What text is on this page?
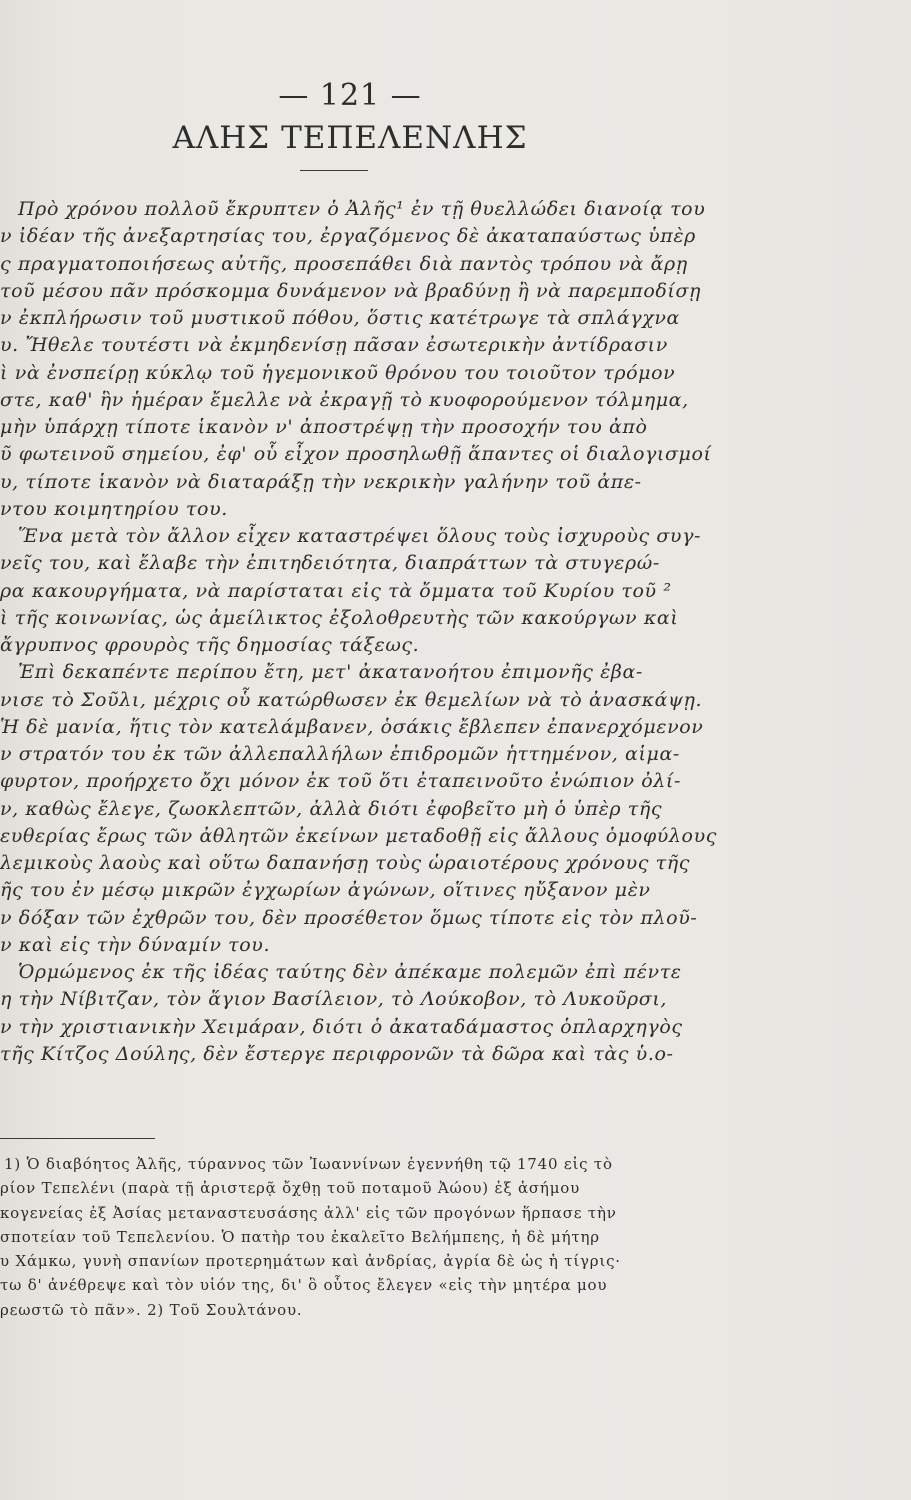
— 121 —
ΑΛΗΣ ΤΕΠΕΛΕΝΛΗΣ
Πρὸ χρόνου πολλοῦ ἔκρυπτεν ὁ Ἀλῆς¹ ἐν τῇ θυελλώδει διανοίᾳ του
ν ἰδέαν τῆς ἀνεξαρτησίας του, ἐργαζόμενος δὲ ἀκαταπαύστως ὑπὲρ
ς πραγματοποιήσεως αὐτῆς, προσεπάθει διὰ παντὸς τρόπου νὰ ἄρῃ
τοῦ μέσου πᾶν πρόσκομμα δυνάμενον νὰ βραδύνῃ ἢ νὰ παρεμποδίσῃ
ν ἐκπλήρωσιν τοῦ μυστικοῦ πόθου, ὅστις κατέτρωγε τὰ σπλάγχνα
υ. Ἤθελε τουτέστι νὰ ἐκμηδενίσῃ πᾶσαν ἐσωτερικὴν ἀντίδρασιν
ὶ νὰ ἐνσπείρῃ κύκλῳ τοῦ ἡγεμονικοῦ θρόνου του τοιοῦτον τρόμον
στε, καθ' ἣν ἡμέραν ἔμελλε νὰ ἐκραγῇ τὸ κυοφορούμενον τόλμημα,
μὴν ὑπάρχῃ τίποτε ἱκανὸν ν' ἀποστρέψῃ τὴν προσοχήν του ἀπὸ
ῦ φωτεινοῦ σημείου, ἐφ' οὗ εἶχον προσηλωθῇ ἅπαντες οἱ διαλογισμοί
υ, τίποτε ἱκανὸν νὰ διαταράξῃ τὴν νεκρικὴν γαλήνην τοῦ ἀπε-
ντου κοιμητηρίου του.
Ἕνα μετὰ τὸν ἄλλον εἶχεν καταστρέψει ὅλους τοὺς ἰσχυροὺς συγ-
νεῖς του, καὶ ἔλαβε τὴν ἐπιτηδειότητα, διαπράττων τὰ στυγερώ-
ρα κακουργήματα, νὰ παρίσταται εἰς τὰ ὄμματα τοῦ Κυρίου τοῦ ²
ὶ τῆς κοινωνίας, ὡς ἀμείλικτος ἐξολοθρευτὴς τῶν κακούργων καὶ
ἄγρυπνος φρουρὸς τῆς δημοσίας τάξεως.
Ἐπὶ δεκαπέντε περίπου ἔτη, μετ' ἀκατανοήτου ἐπιμονῆς ἐβα-
νισε τὸ Σοῦλι, μέχρις οὗ κατώρθωσεν ἐκ θεμελίων νὰ τὸ ἀνασκάψῃ.
Ἡ δὲ μανία, ἥτις τὸν κατελάμβανεν, ὁσάκις ἔβλεπεν ἐπανερχόμενον
ν στρατόν του ἐκ τῶν ἀλλεπαλλήλων ἐπιδρομῶν ἡττημένον, αἱμα-
φυρτον, προήρχετο ὄχι μόνον ἐκ τοῦ ὅτι ἐταπεινοῦτο ἐνώπιον ὀλί-
ν, καθὼς ἔλεγε, ζωοκλεπτῶν, ἀλλὰ διότι ἐφοβεῖτο μὴ ὁ ὑπὲρ τῆς
ευθερίας ἔρως τῶν ἀθλητῶν ἐκείνων μεταδοθῇ εἰς ἄλλους ὁμοφύλους
λεμικοὺς λαοὺς καὶ οὕτω δαπανήσῃ τοὺς ὡραιοτέρους χρόνους τῆς
ῆς του ἐν μέσῳ μικρῶν ἐγχωρίων ἀγώνων, οἵτινες ηὔξανον μὲν
ν δόξαν τῶν ἐχθρῶν του, δὲν προσέθετον ὅμως τίποτε εἰς τὸν πλοῦ-
ν καὶ εἰς τὴν δύναμίν του.
Ὁρμώμενος ἐκ τῆς ἰδέας ταύτης δὲν ἀπέκαμε πολεμῶν ἐπὶ πέντε
η τὴν Νίβιτζαν, τὸν ἅγιον Βασίλειον, τὸ Λούκοβον, τὸ Λυκοῦρσι,
ν τὴν χριστιανικὴν Χειμάραν, διότι ὁ ἀκαταδάμαστος ὁπλαρχηγὸς
τῆς Κίτζος Δούλης, δὲν ἔστεργε περιφρονῶν τὰ δῶρα καὶ τὰς ὑ.ο-
1) Ὁ διαβόητος Ἀλῆς, τύραννος τῶν Ἰωαννίνων ἐγεννήθη τῷ 1740 εἰς τὸ
ρίον Τεπελένι (παρὰ τῇ ἀριστερᾷ ὄχθῃ τοῦ ποταμοῦ Ἀώου) ἐξ ἀσήμου
κογενείας ἐξ Ἀσίας μεταναστευσάσης ἀλλ' εἰς τῶν προγόνων ἥρπασε τὴν
σποτείαν τοῦ Τεπελενίου. Ὁ πατὴρ του ἐκαλεῖτο Βελήμπεης, ἡ δὲ μήτηρ
υ Χάμκω, γυνὴ σπανίων προτερημάτων καὶ ἀνδρίας, ἀγρία δὲ ὡς ἡ τίγρις·
τω δ' ἀνέθρεψε καὶ τὸν υἱόν της, δι' ὃ οὗτος ἔλεγεν «εἰς τὴν μητέρα μου
ρεωστῶ τὸ πᾶν». 2) Τοῦ Σουλτάνου.
